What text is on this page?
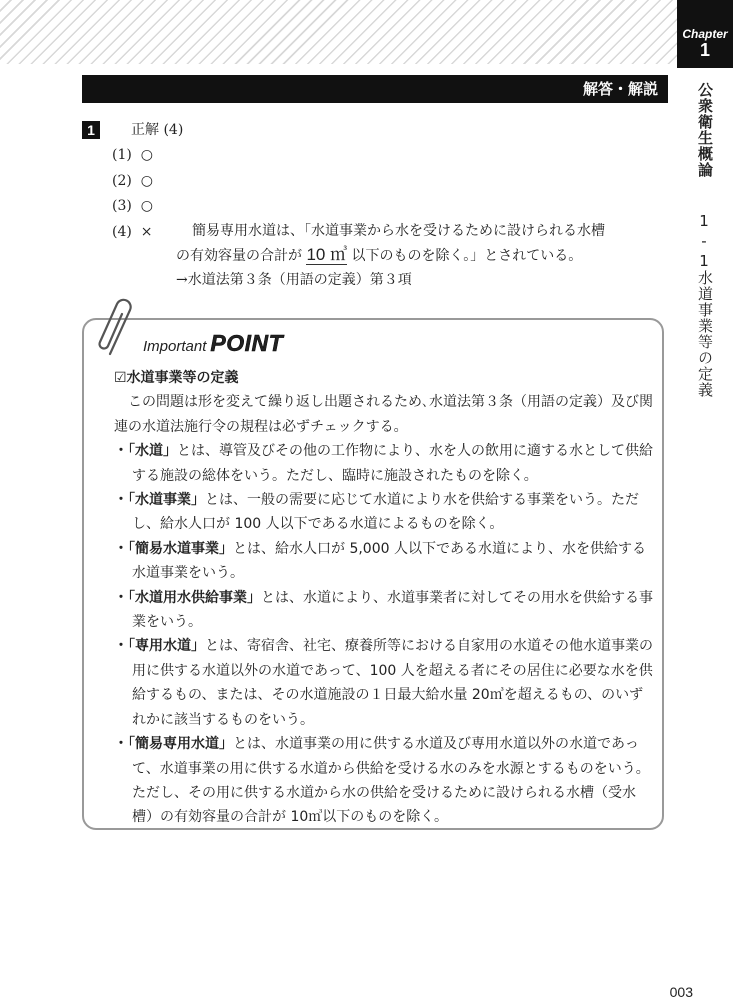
Chapter
1
公衆衛生概論
1-1
水道事業等の定義
解答・解説
1	正解 (4)
(1) ○
(2) ○
(3) ○
(4) ×	簡易専用水道は、「水道事業から水を受けるために設けられる水槽
の有効容量の合計が 10 ㎥ 以下のものを除く。」とされている。
→水道法第３条（用語の定義）第３項
Important POINT
☑水道事業等の定義
この問題は形を変えて繰り返し出題されるため､水道法第３条（用語の定義）及び関連の水道法施行令の規程は必ずチェックする。
・「水道」とは、導管及びその他の工作物により、水を人の飲用に適する水として供給する施設の総体をいう。ただし、臨時に施設されたものを除く。
・「水道事業」とは、一般の需要に応じて水道により水を供給する事業をいう。ただし、給水人口が 100 人以下である水道によるものを除く。
・「簡易水道事業」とは、給水人口が 5,000 人以下である水道により、水を供給する水道事業をいう。
・「水道用水供給事業」とは、水道により、水道事業者に対してその用水を供給する事業をいう。
・「専用水道」とは、寄宿舎、社宅、療養所等における自家用の水道その他水道事業の用に供する水道以外の水道であって、100 人を超える者にその居住に必要な水を供給するもの、または、その水道施設の１日最大給水量 20㎥を超えるもの、のいずれかに該当するものをいう。
・「簡易専用水道」とは、水道事業の用に供する水道及び専用水道以外の水道であって、水道事業の用に供する水道から供給を受ける水のみを水源とするものをいう。ただし、その用に供する水道から水の供給を受けるために設けられる水槽（受水槽）の有効容量の合計が 10㎥以下のものを除く。
003
